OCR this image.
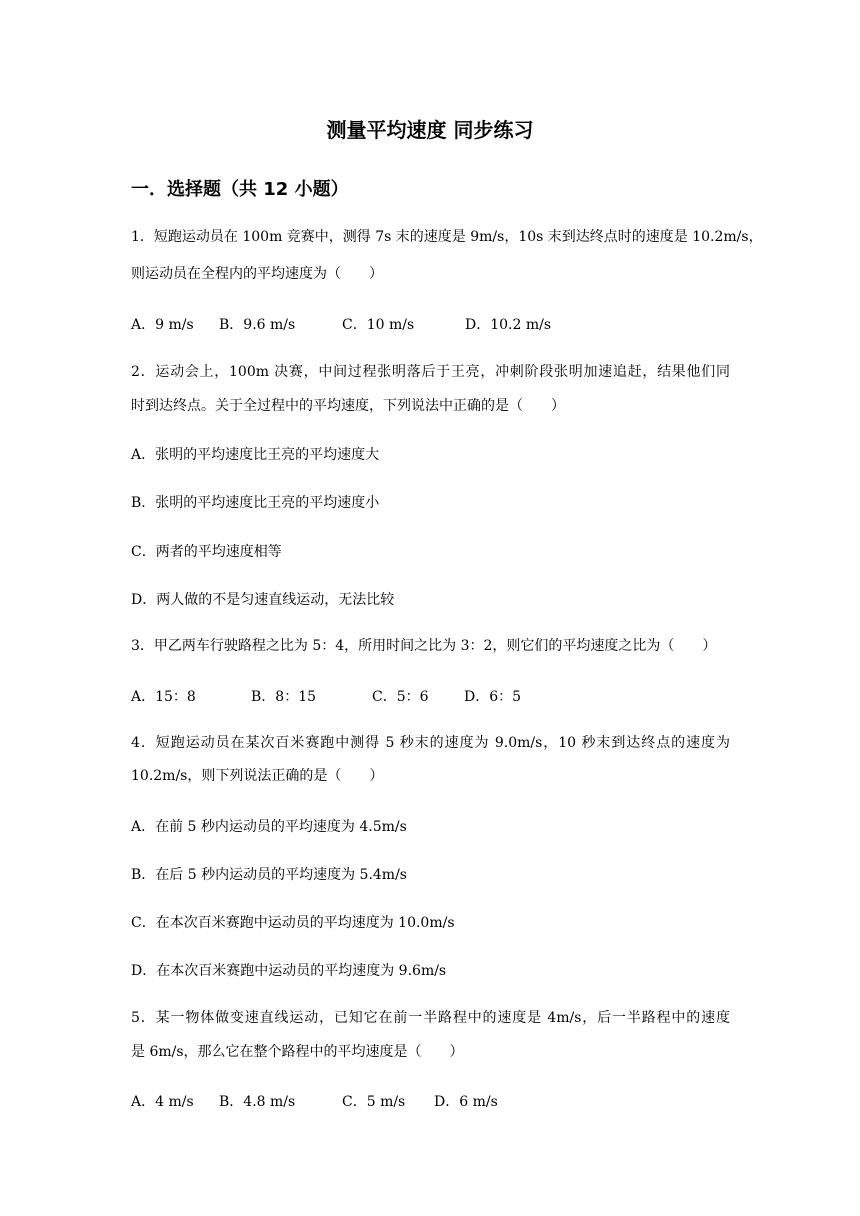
测量平均速度 同步练习
一．选择题（共 12 小题）
1．短跑运动员在 100m 竞赛中，测得 7s 末的速度是 9m/s，10s 末到达终点时的速度是 10.2m/s，
则运动员在全程内的平均速度为（　　）
A．9 m/s B．9.6 m/s	C．10 m/s	D．10.2 m/s
2．运动会上，100m 决赛，中间过程张明落后于王亮，冲刺阶段张明加速追赶，结果他们同
时到达终点。关于全过程中的平均速度，下列说法中正确的是（　　）
A．张明的平均速度比王亮的平均速度大
B．张明的平均速度比王亮的平均速度小
C．两者的平均速度相等
D．两人做的不是匀速直线运动，无法比较
3．甲乙两车行驶路程之比为 5：4，所用时间之比为 3：2，则它们的平均速度之比为（　　）
A．15：8	B．8：15	C．5：6	D．6：5
4．短跑运动员在某次百米赛跑中测得 5 秒末的速度为 9.0m/s，10 秒末到达终点的速度为
10.2m/s，则下列说法正确的是（　　）
A．在前 5 秒内运动员的平均速度为 4.5m/s
B．在后 5 秒内运动员的平均速度为 5.4m/s
C．在本次百米赛跑中运动员的平均速度为 10.0m/s
D．在本次百米赛跑中运动员的平均速度为 9.6m/s
5．某一物体做变速直线运动，已知它在前一半路程中的速度是 4m/s，后一半路程中的速度
是 6m/s，那么它在整个路程中的平均速度是（　　）
A．4 m/s B．4.8 m/s	C．5 m/s D．6 m/s
